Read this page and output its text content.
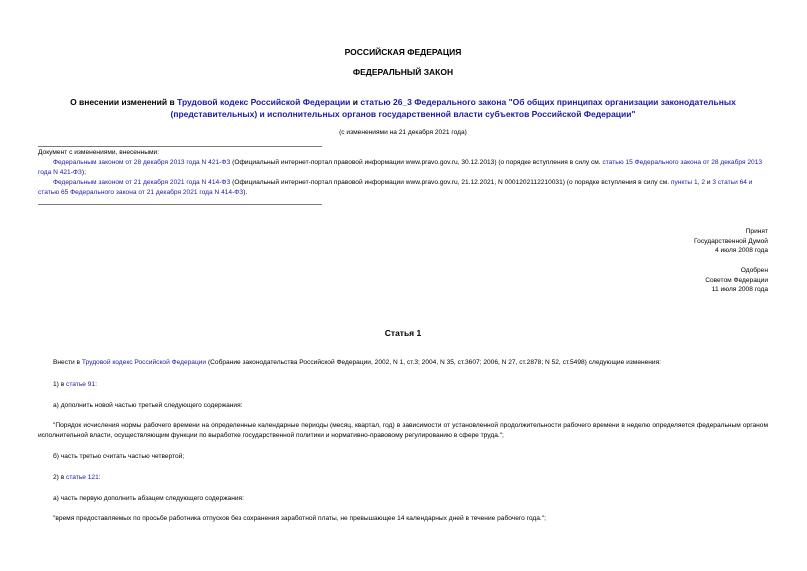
РОССИЙСКАЯ ФЕДЕРАЦИЯ
ФЕДЕРАЛЬНЫЙ ЗАКОН
О внесении изменений в Трудовой кодекс Российской Федерации и статью 26_3 Федерального закона "Об общих принципах организации законодательных (представительных) и исполнительных органов государственной власти субъектов Российской Федерации"
(с изменениями на 21 декабря 2021 года)
Документ с изменениями, внесенными:
Федеральным законом от 28 декабря 2013 года N 421-ФЗ (Официальный интернет-портал правовой информации www.pravo.gov.ru, 30.12.2013) (о порядке вступления в силу см. статью 15 Федерального закона от 28 декабря 2013 года N 421-ФЗ);
Федеральным законом от 21 декабря 2021 года N 414-ФЗ (Официальный интернет-портал правовой информации www.pravo.gov.ru, 21.12.2021, N 0001202112210031) (о порядке вступления в силу см. пункты 1, 2 и 3 статьи 64 и статью 65 Федерального закона от 21 декабря 2021 года N 414-ФЗ).
Принят
Государственной Думой
4 июля 2008 года
Одобрен
Советом Федерации
11 июля 2008 года
Статья 1
Внести в Трудовой кодекс Российской Федерации (Собрание законодательства Российской Федерации, 2002, N 1, ст.3; 2004, N 35, ст.3607; 2006, N 27, ст.2878; N 52, ст.5498) следующие изменения:
1) в статье 91:
а) дополнить новой частью третьей следующего содержания:
"Порядок исчисления нормы рабочего времени на определенные календарные периоды (месяц, квартал, год) в зависимости от установленной продолжительности рабочего времени в неделю определяется федеральным органом исполнительной власти, осуществляющим функции по выработке государственной политики и нормативно-правовому регулированию в сфере труда.";
б) часть третью считать частью четвертой;
2) в статье 121:
а) часть первую дополнить абзацем следующего содержания:
"время предоставляемых по просьбе работника отпусков без сохранения заработной платы, не превышающее 14 календарных дней в течение рабочего года.";
